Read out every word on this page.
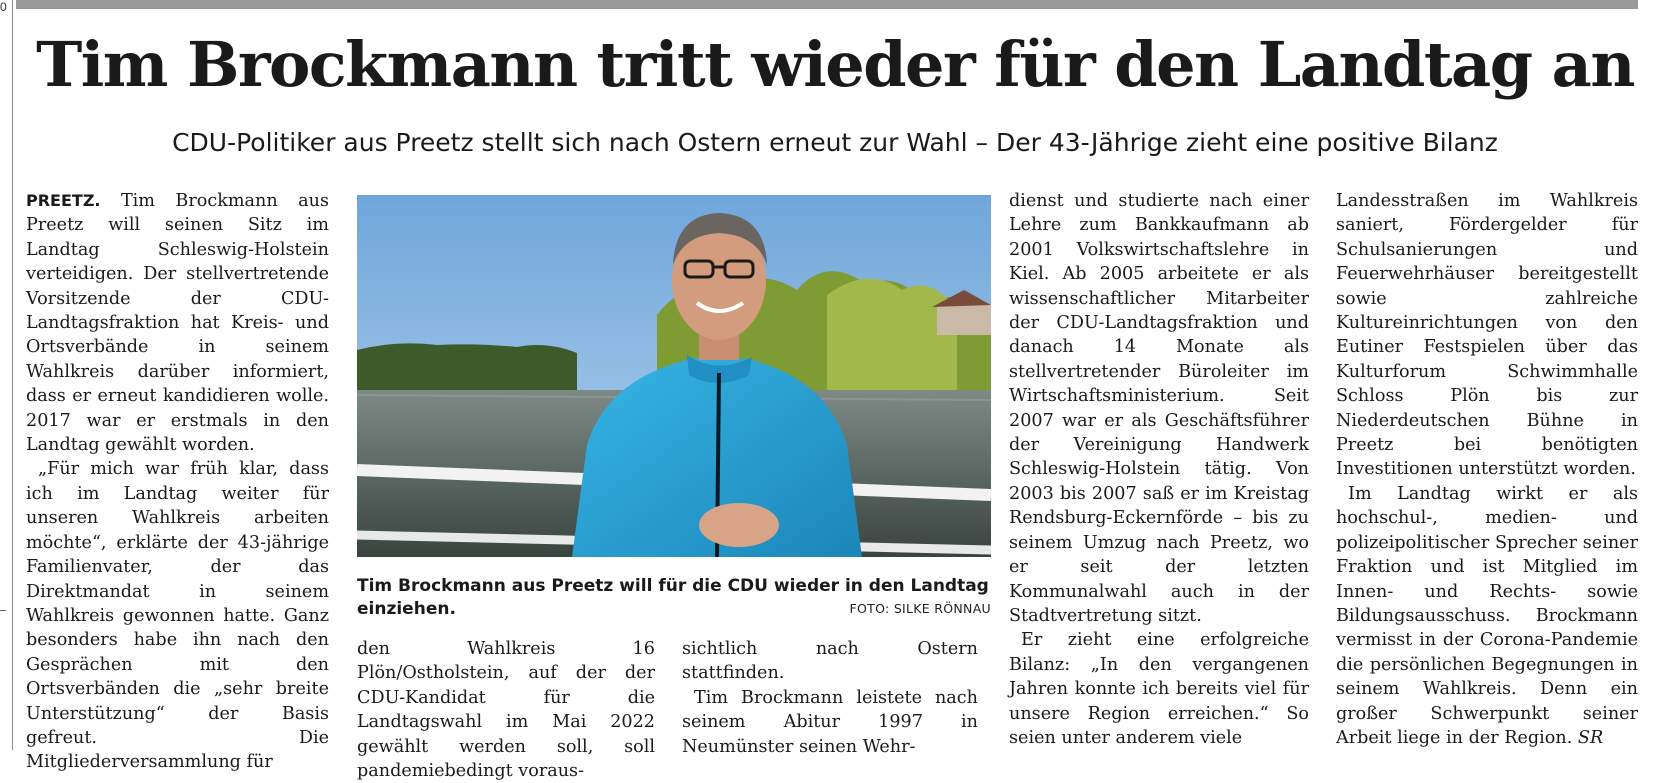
0
Tim Brockmann tritt wieder für den Landtag an
CDU-Politiker aus Preetz stellt sich nach Ostern erneut zur Wahl – Der 43-Jährige zieht eine positive Bilanz

PREETZ. Tim Brockmann aus Preetz will seinen Sitz im Landtag Schleswig-Holstein verteidigen. Der stellvertretende Vorsitzende der CDU-Landtagsfraktion hat Kreis- und Ortsverbände in seinem Wahlkreis darüber informiert, dass er erneut kandidieren wolle. 2017 war er erstmals in den Landtag gewählt worden.

„Für mich war früh klar, dass ich im Landtag weiter für unseren Wahlkreis arbeiten möchte“, erklärte der 43-jährige Familienvater, der das Direktmandat in seinem Wahlkreis gewonnen hatte. Ganz besonders habe ihn nach den Gesprächen mit den Ortsverbänden die „sehr breite Unterstützung“ der Basis gefreut. Die Mitgliederversammlung für

Tim Brockmann aus Preetz will für die CDU wieder in den Landtag einziehen.	FOTO: SILKE RÖNNAU

den Wahlkreis 16 Plön/Ostholstein, auf der der CDU-Kandidat für die Landtagswahl im Mai 2022 gewählt werden soll, soll pandemiebedingt voraus-

sichtlich nach Ostern stattfinden.

Tim Brockmann leistete nach seinem Abitur 1997 in Neumünster seinen Wehr-

dienst und studierte nach einer Lehre zum Bankkaufmann ab 2001 Volkswirtschaftslehre in Kiel. Ab 2005 arbeitete er als wissenschaftlicher Mitarbeiter der CDU-Landtagsfraktion und danach 14 Monate als stellvertretender Büroleiter im Wirtschaftsministerium. Seit 2007 war er als Geschäftsführer der Vereinigung Handwerk Schleswig-Holstein tätig. Von 2003 bis 2007 saß er im Kreistag Rendsburg-Eckernförde – bis zu seinem Umzug nach Preetz, wo er seit der letzten Kommunalwahl auch in der Stadtvertretung sitzt.

Er zieht eine erfolgreiche Bilanz: „In den vergangenen Jahren konnte ich bereits viel für unsere Region erreichen.“ So seien unter anderem viele

Landesstraßen im Wahlkreis saniert, Fördergelder für Schulsanierungen und Feuerwehrhäuser bereitgestellt sowie zahlreiche Kultureinrichtungen von den Eutiner Festspielen über das Kulturforum Schwimmhalle Schloss Plön bis zur Niederdeutschen Bühne in Preetz bei benötigten Investitionen unterstützt worden.

Im Landtag wirkt er als hochschul-, medien- und polizeipolitischer Sprecher seiner Fraktion und ist Mitglied im Innen- und Rechts- sowie Bildungsausschuss. Brockmann vermisst in der Corona-Pandemie die persönlichen Begegnungen in seinem Wahlkreis. Denn ein großer Schwerpunkt seiner Arbeit liege in der Region. SR
